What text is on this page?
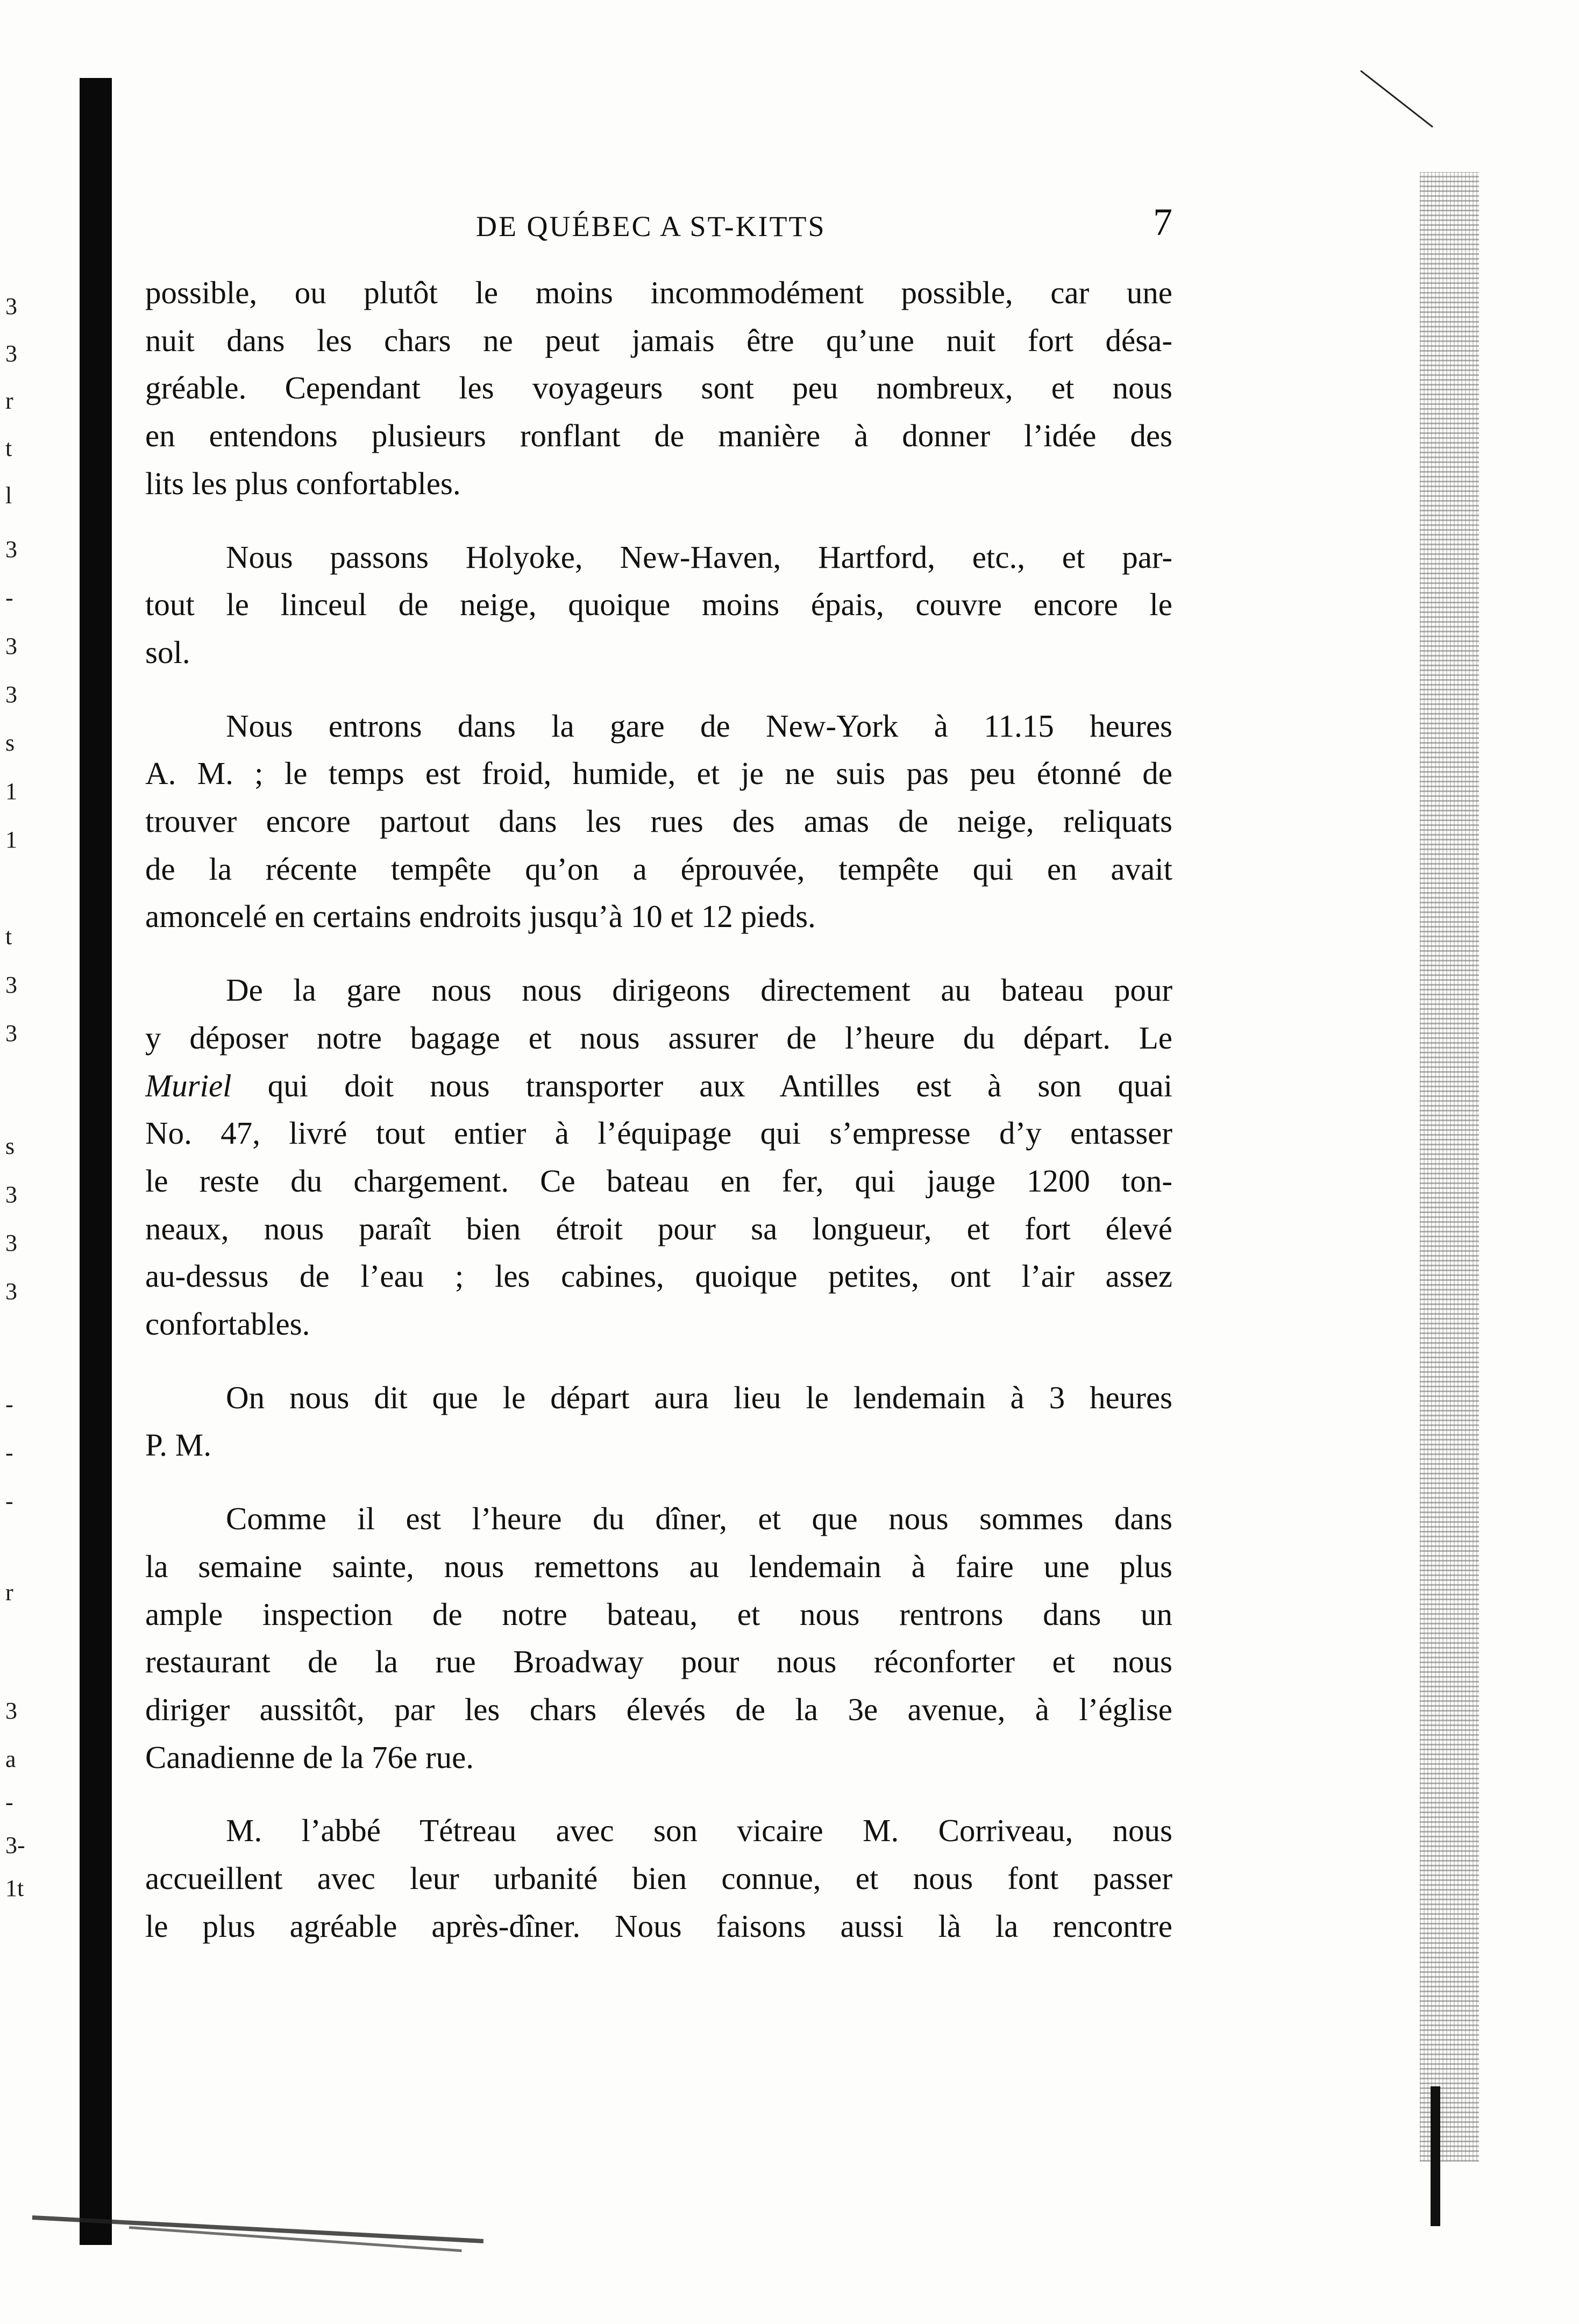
3
3
r
t
l
3
-
3
3
s
1
1
t
3
3
s
3
3
3
-
-
-
r
3
a
-
3-
1t
DE QUÉBEC A ST-KITTS	7
possible, ou plutôt le moins incommodément possible, car une
nuit dans les chars ne peut jamais être qu’une nuit fort désa-
gréable. Cependant les voyageurs sont peu nombreux, et nous
en entendons plusieurs ronflant de manière à donner l’idée des
lits les plus confortables.
Nous passons Holyoke, New-Haven, Hartford, etc., et par-
tout le linceul de neige, quoique moins épais, couvre encore le
sol.
Nous entrons dans la gare de New-York à 11.15 heures
A. M. ; le temps est froid, humide, et je ne suis pas peu étonné de
trouver encore partout dans les rues des amas de neige, reliquats
de la récente tempête qu’on a éprouvée, tempête qui en avait
amoncelé en certains endroits jusqu’à 10 et 12 pieds.
De la gare nous nous dirigeons directement au bateau pour
y déposer notre bagage et nous assurer de l’heure du départ. Le
Muriel qui doit nous transporter aux Antilles est à son quai
No. 47, livré tout entier à l’équipage qui s’empresse d’y entasser
le reste du chargement. Ce bateau en fer, qui jauge 1200 ton-
neaux, nous paraît bien étroit pour sa longueur, et fort élevé
au-dessus de l’eau ; les cabines, quoique petites, ont l’air assez
confortables.
On nous dit que le départ aura lieu le lendemain à 3 heures
P. M.
Comme il est l’heure du dîner, et que nous sommes dans
la semaine sainte, nous remettons au lendemain à faire une plus
ample inspection de notre bateau, et nous rentrons dans un
restaurant de la rue Broadway pour nous réconforter et nous
diriger aussitôt, par les chars élevés de la 3e avenue, à l’église
Canadienne de la 76e rue.
M. l’abbé Tétreau avec son vicaire M. Corriveau, nous
accueillent avec leur urbanité bien connue, et nous font passer
le plus agréable après-dîner. Nous faisons aussi là la rencontre
